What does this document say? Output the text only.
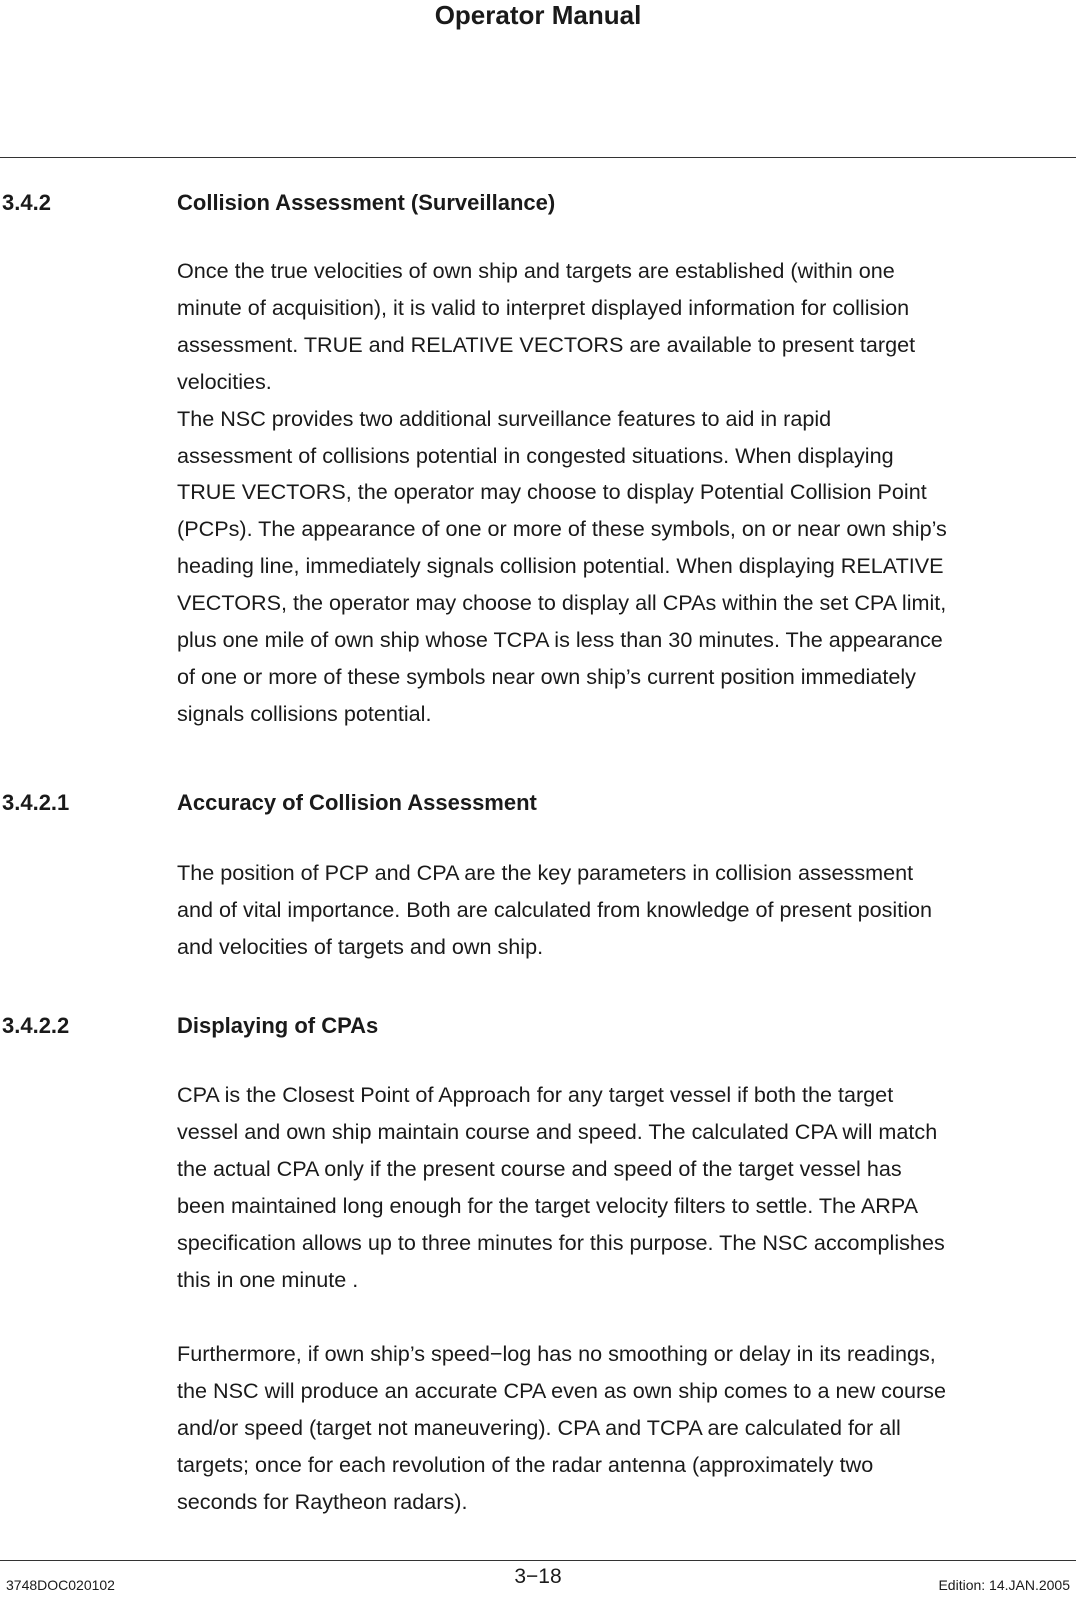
Operator Manual
3.4.2	Collision Assessment (Surveillance)
Once the true velocities of own ship and targets are established (within one
minute of acquisition), it is valid to interpret displayed information for collision
assessment. TRUE and RELATIVE VECTORS are available to present target
velocities.
The NSC provides two additional surveillance features to aid in rapid
assessment of collisions potential in congested situations. When displaying
TRUE VECTORS, the operator may choose to display Potential Collision Point
(PCPs). The appearance of one or more of these symbols, on or near own ship’s
heading line, immediately signals collision potential. When displaying RELATIVE
VECTORS, the operator may choose to display all CPAs within the set CPA limit,
plus one mile of own ship whose TCPA is less than 30 minutes. The appearance
of one or more of these symbols near own ship’s current position immediately
signals collisions potential.
3.4.2.1	Accuracy of Collision Assessment
The position of PCP and CPA are the key parameters in collision assessment
and of vital importance. Both are calculated from knowledge of present position
and velocities of targets and own ship.
3.4.2.2	Displaying of CPAs
CPA is the Closest Point of Approach for any target vessel if both the target
vessel and own ship maintain course and speed. The calculated CPA will match
the actual CPA only if the present course and speed of the target vessel has
been maintained long enough for the target velocity filters to settle. The ARPA
specification allows up to three minutes for this purpose. The NSC accomplishes
this in one minute .
Furthermore, if own ship’s speed−log has no smoothing or delay in its readings,
the NSC will produce an accurate CPA even as own ship comes to a new course
and/or speed (target not maneuvering). CPA and TCPA are calculated for all
targets; once for each revolution of the radar antenna (approximately two
seconds for Raytheon radars).
3748DOC020102	3−18	Edition: 14.JAN.2005
